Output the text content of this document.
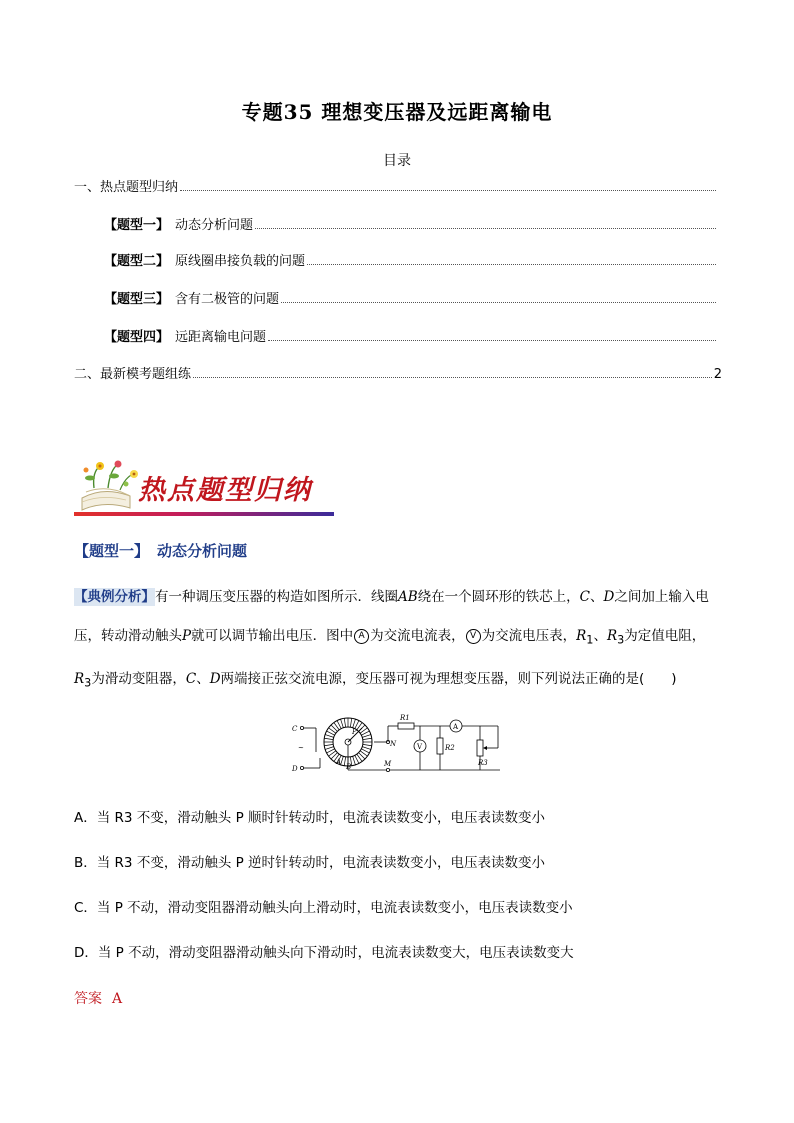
专题35 理想变压器及远距离输电
目录
一、热点题型归纳
【题型一】 动态分析问题
【题型二】 原线圈串接负载的问题
【题型三】 含有二极管的问题
【题型四】 远距离输电问题
二、最新模考题组练	2
热点题型归纳
【题型一】 动态分析问题
【典例分析】有一种调压变压器的构造如图所示．线圈AB绕在一个圆环形的铁芯上，C、D之间加上输入电压，转动滑动触头P就可以调节输出电压．图中 A 为交流电流表， V 为交流电压表，$R_1$、$R_3$为定值电阻，
$R_3$为滑动变阻器，C、D两端接正弦交流电源，变压器可视为理想变压器，则下列说法正确的是(　　)
C
D
~
P
A
B	M
N
R1
V	R2
A
R3
A．当 R3 不变，滑动触头 P 顺时针转动时，电流表读数变小，电压表读数变小
B．当 R3 不变，滑动触头 P 逆时针转动时，电流表读数变小，电压表读数变小
C．当 P 不动，滑动变阻器滑动触头向上滑动时，电流表读数变小，电压表读数变小
D．当 P 不动，滑动变阻器滑动触头向下滑动时，电流表读数变大，电压表读数变大
答案 A
